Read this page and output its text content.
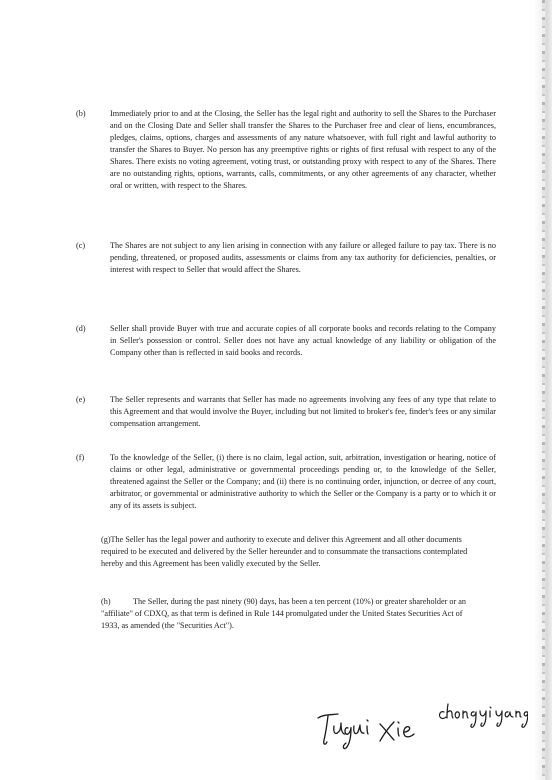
(b)	Immediately prior to and at the Closing, the Seller has the legal right and authority to sell the Shares to the Purchaser and on the Closing Date and Seller shall transfer the Shares to the Purchaser free and clear of liens, encumbrances, pledges, claims, options, charges and assessments of any nature whatsoever, with full right and lawful authority to transfer the Shares to Buyer. No person has any preemptive rights or rights of first refusal with respect to any of the Shares. There exists no voting agreement, voting trust, or outstanding proxy with respect to any of the Shares. There are no outstanding rights, options, warrants, calls, commitments, or any other agreements of any character, whether oral or written, with respect to the Shares.

(c)	The Shares are not subject to any lien arising in connection with any failure or alleged failure to pay tax. There is no pending, threatened, or proposed audits, assessments or claims from any tax authority for deficiencies, penalties, or interest with respect to Seller that would affect the Shares.

(d)	Seller shall provide Buyer with true and accurate copies of all corporate books and records relating to the Company in Seller's possession or control. Seller does not have any actual knowledge of any liability or obligation of the Company other than is reflected in said books and records.

(e)	The Seller represents and warrants that Seller has made no agreements involving any fees of any type that relate to this Agreement and that would involve the Buyer, including but not limited to broker's fee, finder's fees or any similar compensation arrangement.

(f)	To the knowledge of the Seller, (i) there is no claim, legal action, suit, arbitration, investigation or hearing, notice of claims or other legal, administrative or governmental proceedings pending or, to the knowledge of the Seller, threatened against the Seller or the Company; and (ii) there is no continuing order, injunction, or decree of any court, arbitrator, or governmental or administrative authority to which the Seller or the Company is a party or to which it or any of its assets is subject.

(g)The Seller has the legal power and authority to execute and deliver this Agreement and all other documents required to be executed and delivered by the Seller hereunder and to consummate the transactions contemplated hereby and this Agreement has been validly executed by the Seller.

(h)	The Seller, during the past ninety (90) days, has been a ten percent (10%) or greater shareholder or an "affiliate" of CDXQ, as that term is defined in Rule 144 promulgated under the United States Securities Act of 1933, as amended (the "Securities Act").
